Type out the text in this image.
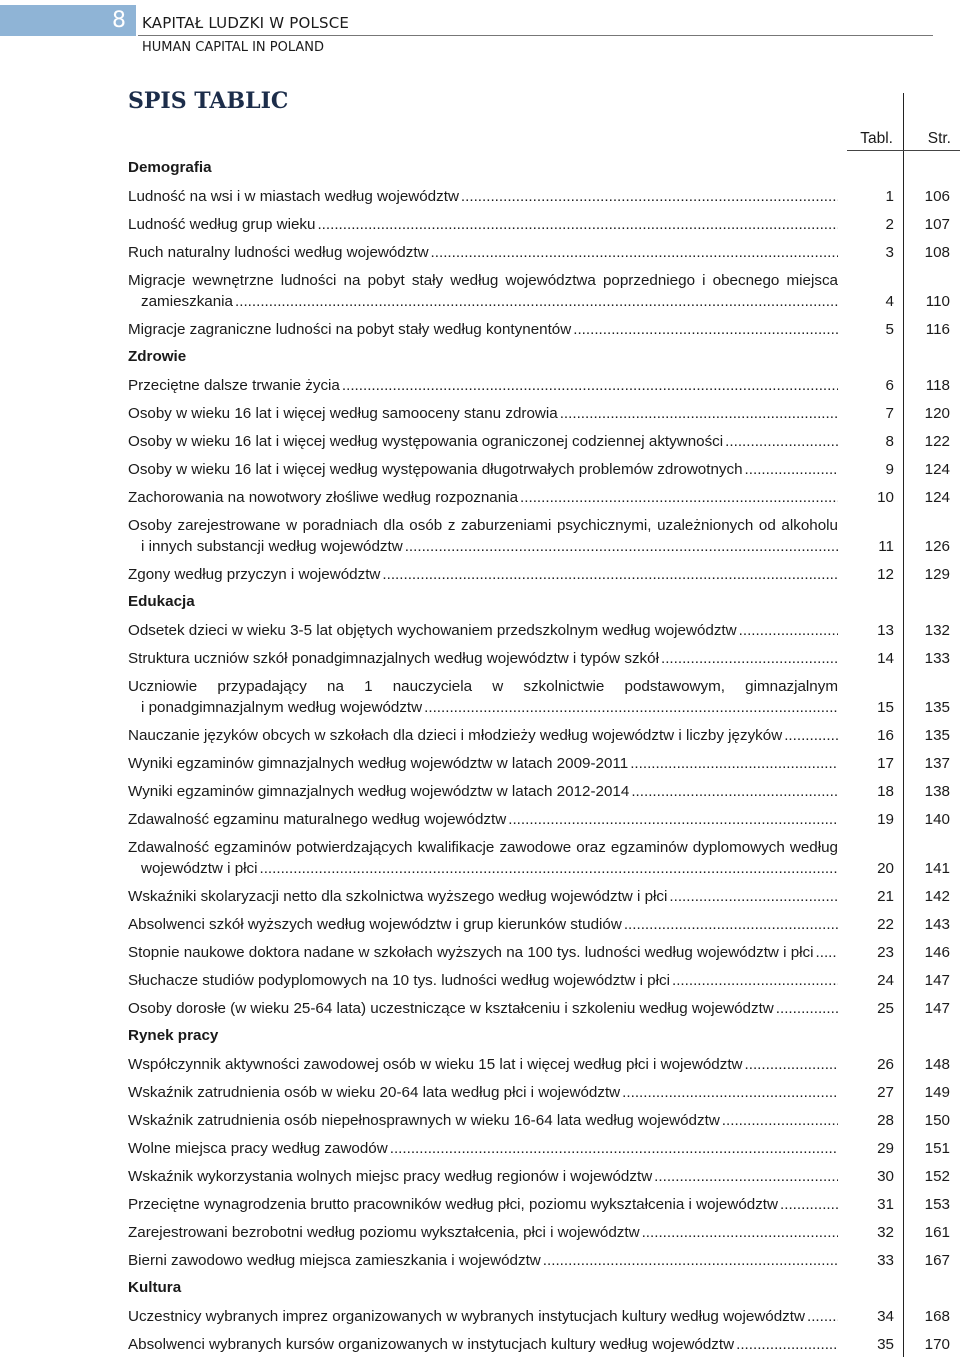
8	KAPITAŁ LUDZKI W POLSCE
HUMAN CAPITAL IN POLAND
SPIS TABLIC
Tabl. Str.
Demografia
Ludność na wsi i w miastach według województw .....	1 106
Ludność według grup wieku .....	2 107
Ruch naturalny ludności według województw .....	3 108
Migracje wewnętrzne ludności na pobyt stały według województwa poprzedniego i obecnego miejsca
zamieszkania .....	4 110
Migracje zagraniczne ludności na pobyt stały według kontynentów .....	5 116
Zdrowie
Przeciętne dalsze trwanie życia .....	6 118
Osoby w wieku 16 lat i więcej według samooceny stanu zdrowia .....	7 120
Osoby w wieku 16 lat i więcej według występowania ograniczonej codziennej aktywności .....	8 122
Osoby w wieku 16 lat i więcej według występowania długotrwałych problemów zdrowotnych .....	9 124
Zachorowania na nowotwory złośliwe według rozpoznania .....	10 124
Osoby zarejestrowane w poradniach dla osób z zaburzeniami psychicznymi, uzależnionych od alkoholu
i innych substancji według województw .....	11 126
Zgony według przyczyn i województw .....	12 129
Edukacja
Odsetek dzieci w wieku 3-5 lat objętych wychowaniem przedszkolnym według województw .....	13 132
Struktura uczniów szkół ponadgimnazjalnych według województw i typów szkół .....	14 133
Uczniowie przypadający na 1 nauczyciela w szkolnictwie podstawowym, gimnazjalnym
i ponadgimnazjalnym według województw .....	15 135
Nauczanie języków obcych w szkołach dla dzieci i młodzieży według województw i liczby języków .....	16 135
Wyniki egzaminów gimnazjalnych według województw w latach 2009-2011 .....	17 137
Wyniki egzaminów gimnazjalnych według województw w latach 2012-2014 .....	18 138
Zdawalność egzaminu maturalnego według województw .....	19 140
Zdawalność egzaminów potwierdzających kwalifikacje zawodowe oraz egzaminów dyplomowych według
województw i płci .....	20 141
Wskaźniki skolaryzacji netto dla szkolnictwa wyższego według województw i płci .....	21 142
Absolwenci szkół wyższych według województw i grup kierunków studiów .....	22 143
Stopnie naukowe doktora nadane w szkołach wyższych na 100 tys. ludności według województw i płci .....	23 146
Słuchacze studiów podyplomowych na 10 tys. ludności według województw i płci .....	24 147
Osoby dorosłe (w wieku 25-64 lata) uczestniczące w kształceniu i szkoleniu według województw .....	25 147
Rynek pracy
Współczynnik aktywności zawodowej osób w wieku 15 lat i więcej według płci i województw .....	26 148
Wskaźnik zatrudnienia osób w wieku 20-64 lata według płci i województw .....	27 149
Wskaźnik zatrudnienia osób niepełnosprawnych w wieku 16-64 lata według województw .....	28 150
Wolne miejsca pracy według zawodów .....	29 151
Wskaźnik wykorzystania wolnych miejsc pracy według regionów i województw .....	30 152
Przeciętne wynagrodzenia brutto pracowników według płci, poziomu wykształcenia i województw .....	31 153
Zarejestrowani bezrobotni według poziomu wykształcenia, płci i województw .....	32 161
Bierni zawodowo według miejsca zamieszkania i województw .....	33 167
Kultura
Uczestnicy wybranych imprez organizowanych w wybranych instytucjach kultury według województw .....	34 168
Absolwenci wybranych kursów organizowanych w instytucjach kultury według województw .....	35 170
